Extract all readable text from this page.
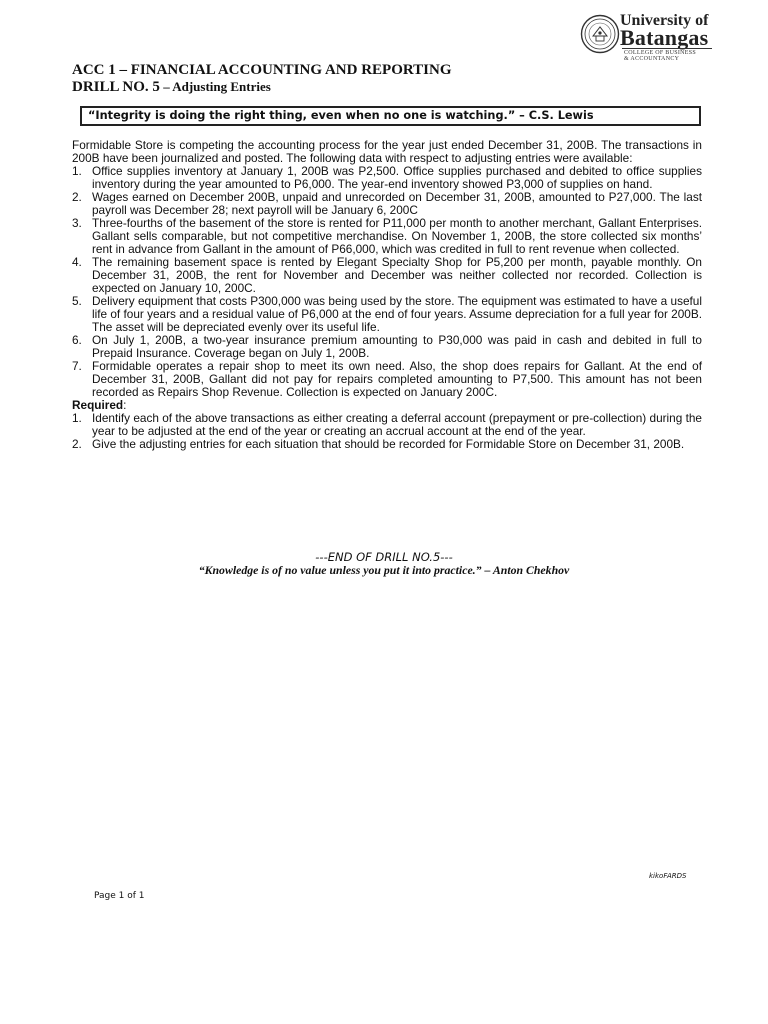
University of
Batangas
COLLEGE OF BUSINESS
& ACCOUNTANCY
ACC 1 – FINANCIAL ACCOUNTING AND REPORTING
DRILL NO. 5 – Adjusting Entries
“Integrity is doing the right thing, even when no one is watching.” – C.S. Lewis

Formidable Store is competing the accounting process for the year just ended December 31, 200B. The transactions in 200B have been journalized and posted. The following data with respect to adjusting entries were available:

1. Office supplies inventory at January 1, 200B was P2,500. Office supplies purchased and debited to office supplies inventory during the year amounted to P6,000. The year-end inventory showed P3,000 of supplies on hand.
2. Wages earned on December 200B, unpaid and unrecorded on December 31, 200B, amounted to P27,000. The last payroll was December 28; next payroll will be January 6, 200C
3. Three-fourths of the basement of the store is rented for P11,000 per month to another merchant, Gallant Enterprises. Gallant sells comparable, but not competitive merchandise. On November 1, 200B, the store collected six months’ rent in advance from Gallant in the amount of P66,000, which was credited in full to rent revenue when collected.
4. The remaining basement space is rented by Elegant Specialty Shop for P5,200 per month, payable monthly. On December 31, 200B, the rent for November and December was neither collected nor recorded. Collection is expected on January 10, 200C.
5. Delivery equipment that costs P300,000 was being used by the store. The equipment was estimated to have a useful life of four years and a residual value of P6,000 at the end of four years. Assume depreciation for a full year for 200B. The asset will be depreciated evenly over its useful life.
6. On July 1, 200B, a two-year insurance premium amounting to P30,000 was paid in cash and debited in full to Prepaid Insurance. Coverage began on July 1, 200B.
7. Formidable operates a repair shop to meet its own need. Also, the shop does repairs for Gallant. At the end of December 31, 200B, Gallant did not pay for repairs completed amounting to P7,500. This amount has not been recorded as Repairs Shop Revenue. Collection is expected on January 200C.

Required:

1. Identify each of the above transactions as either creating a deferral account (prepayment or pre-collection) during the year to be adjusted at the end of the year or creating an accrual account at the end of the year.
2. Give the adjusting entries for each situation that should be recorded for Formidable Store on December 31, 200B.
---END OF DRILL NO.5---
“Knowledge is of no value unless you put it into practice.” – Anton Chekhov
kikoFARDS
Page 1 of 1
